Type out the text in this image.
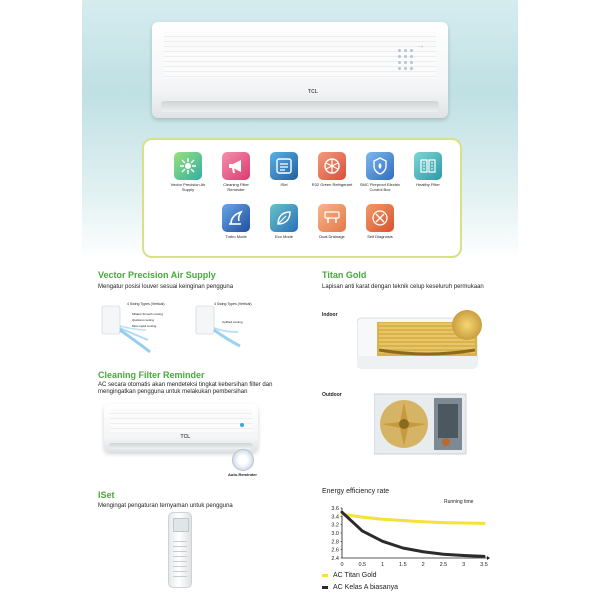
TCL
→
Vector Precision Air Supply
Cleaning Filter Reminder
ISet	R32 Green Refrigerant	SMC Fireproof Electric Control Box
Healthy Filter
Turbo Mode	Eco Mode	Dual Drainage	Self Diagnosis
Vector Precision Air Supply
Mengatur posisi louver sesuai keinginan pengguna
4 Swing Types (Vertical)
Mildest Smooth cooling
Quickest cooling
Most rapid cooling
4 Swing Types (Vertical)
Uplifted cooling
Titan Gold
Lapisan anti karat dengan teknik celup keseluruh permukaan
Indoor
Outdoor
Cleaning Filter Reminder
AC secara otomatis akan mendeteksi tingkat kebersihan filter dan mengingatkan pengguna untuk melakukan pembersihan
TCL
Auto-Reminder
ISet
Mengingat pengaturan ternyaman untuk pengguna
Energy efficiency rate
Running time
3.6
3.4
3.2
3.0
2.8
2.6
2.4
0	0.5	1	1.5	2	2.5	3	3.5
AC Titan Gold
AC Kelas A biasanya
